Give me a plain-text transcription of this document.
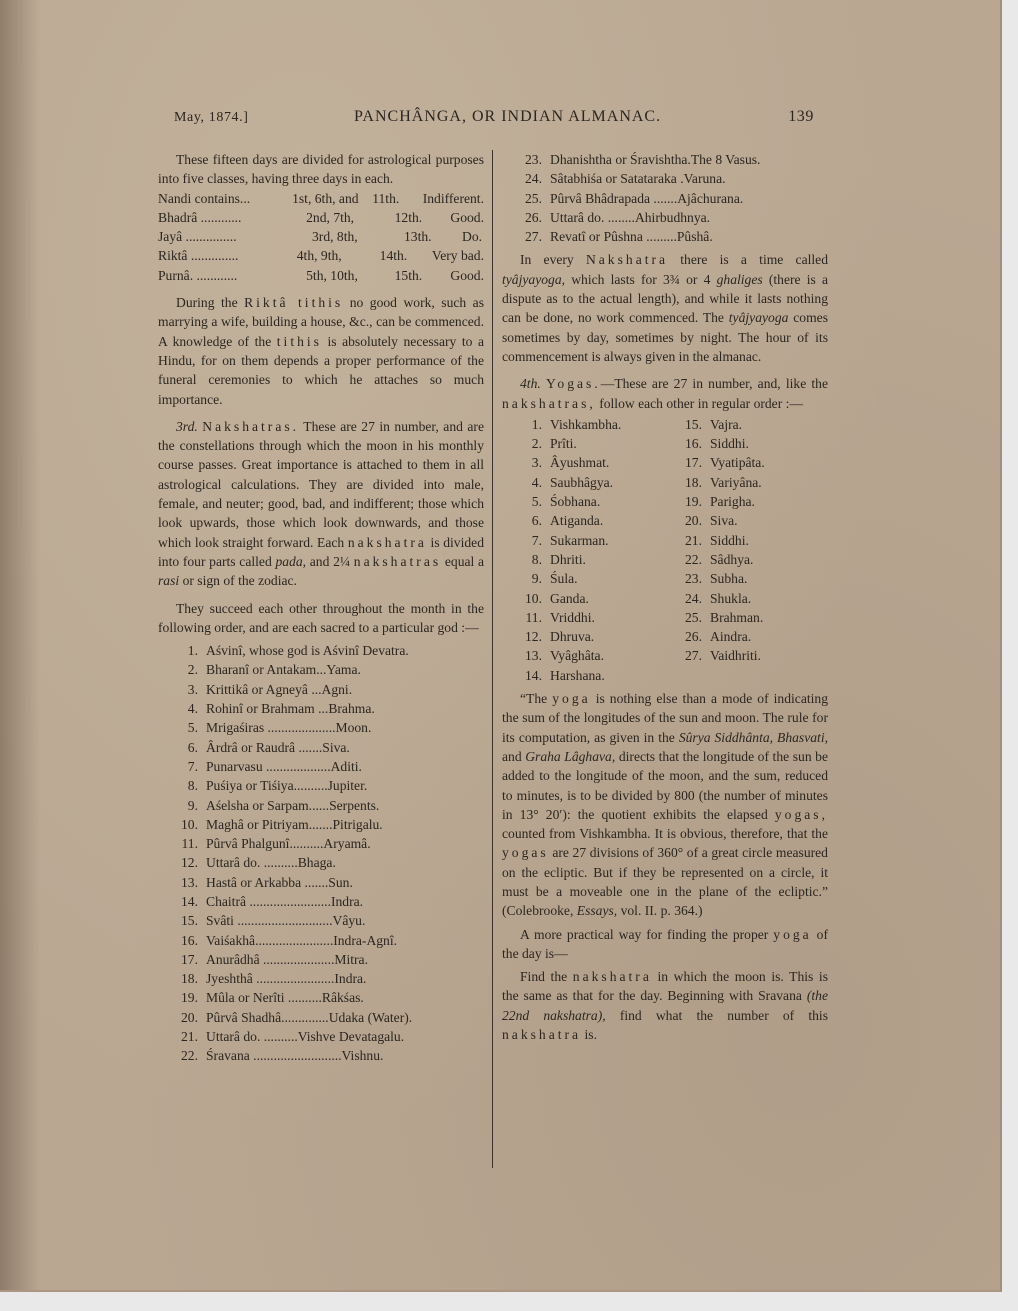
May, 1874.]	PANCHÂNGA, OR INDIAN ALMANAC.	139

These fifteen days are divided for astrological purposes into five classes, having three days in each.

Nandi contains...	1st, 6th, and	11th.	Indifferent.
Bhadrâ ............	2nd, 7th,	12th.	Good.
Jayâ ...............	3rd, 8th,	13th.	Do.
Riktâ ..............	4th, 9th,	14th.	Very bad.
Purnâ. ............	5th, 10th,	15th.	Good.

During the Riktâ tithis no good work, such as marrying a wife, building a house, &c., can be commenced. A knowledge of the tithis is absolutely necessary to a Hindu, for on them depends a proper performance of the funeral ceremonies to which he attaches so much importance.

3rd. Nakshatras. These are 27 in number, and are the constellations through which the moon in his monthly course passes. Great importance is attached to them in all astrological calculations. They are divided into male, female, and neuter; good, bad, and indifferent; those which look upwards, those which look downwards, and those which look straight forward. Each nakshatra is divided into four parts called pada, and 2¼ nakshatras equal a rasi or sign of the zodiac.

They succeed each other throughout the month in the following order, and are each sacred to a particular god :—

1. Aśvinî, whose god is Aśvinî Devatra.
2. Bharanî or Antakam...Yama.
3. Krittikâ or Agneyâ ...Agni.
4. Rohinî or Brahmam ...Brahma.
5. Mrigaśiras ....................Moon.
6. Ârdrâ or Raudrâ .......Siva.
7. Punarvasu ...................Aditi.
8. Puśiya or Tiśiya..........Jupiter.
9. Aśelsha or Sarpam......Serpents.
10. Maghâ or Pitriyam.......Pitrigalu.
11. Pûrvâ Phalgunî..........Aryamâ.
12. Uttarâ do. ..........Bhaga.
13. Hastâ or Arkabba .......Sun.
14. Chaitrâ ........................Indra.
15. Svâti ............................Vâyu.
16. Vaiśakhâ.......................Indra-Agnî.
17. Anurâdhâ .....................Mitra.
18. Jyeshthâ .......................Indra.
19. Mûla or Nerîti ..........Râkśas.
20. Pûrvâ Shadhâ..............Udaka (Water).
21. Uttarâ do. ..........Vishve Devatagalu.
22. Śravana ..........................Vishnu.
23. Dhanishtha or Śravishtha.The 8 Vasus.
24. Sâtabhiśa or Satataraka .Varuna.
25. Pûrvâ Bhâdrapada .......Ajâchurana.
26. Uttarâ do. ........Ahirbudhnya.
27. Revatî or Pûshna .........Pûshâ.

In every Nakshatra there is a time called tyâjyayoga, which lasts for 3¾ or 4 ghaliges (there is a dispute as to the actual length), and while it lasts nothing can be done, no work commenced. The tyâjyayoga comes sometimes by day, sometimes by night. The hour of its commencement is always given in the almanac.

4th. Yogas.—These are 27 in number, and, like the nakshatras, follow each other in regular order :—

1. Vishkambha.
2. Prîti.
3. Âyushmat.
4. Saubhâgya.
5. Śobhana.
6. Atiganda.
7. Sukarman.
8. Dhriti.
9. Śula.
10. Ganda.
11. Vriddhi.
12. Dhruva.
13. Vyâghâta.
14. Harshana.
15. Vajra.
16. Siddhi.
17. Vyatipâta.
18. Variyâna.
19. Parigha.
20. Siva.
21. Siddhi.
22. Sâdhya.
23. Subha.
24. Shukla.
25. Brahman.
26. Aindra.
27. Vaidhriti.

“The yoga is nothing else than a mode of indicating the sum of the longitudes of the sun and moon. The rule for its computation, as given in the Sûrya Siddhânta, Bhasvati, and Graha Lâghava, directs that the longitude of the sun be added to the longitude of the moon, and the sum, reduced to minutes, is to be divided by 800 (the number of minutes in 13° 20′): the quotient exhibits the elapsed yogas, counted from Vishkambha. It is obvious, therefore, that the yogas are 27 divisions of 360° of a great circle measured on the ecliptic. But if they be represented on a circle, it must be a moveable one in the plane of the ecliptic.” (Colebrooke, Essays, vol. II. p. 364.)

A more practical way for finding the proper yoga of the day is—

Find the nakshatra in which the moon is. This is the same as that for the day. Beginning with Sravana (the 22nd nakshatra), find what the number of this nakshatra is.
